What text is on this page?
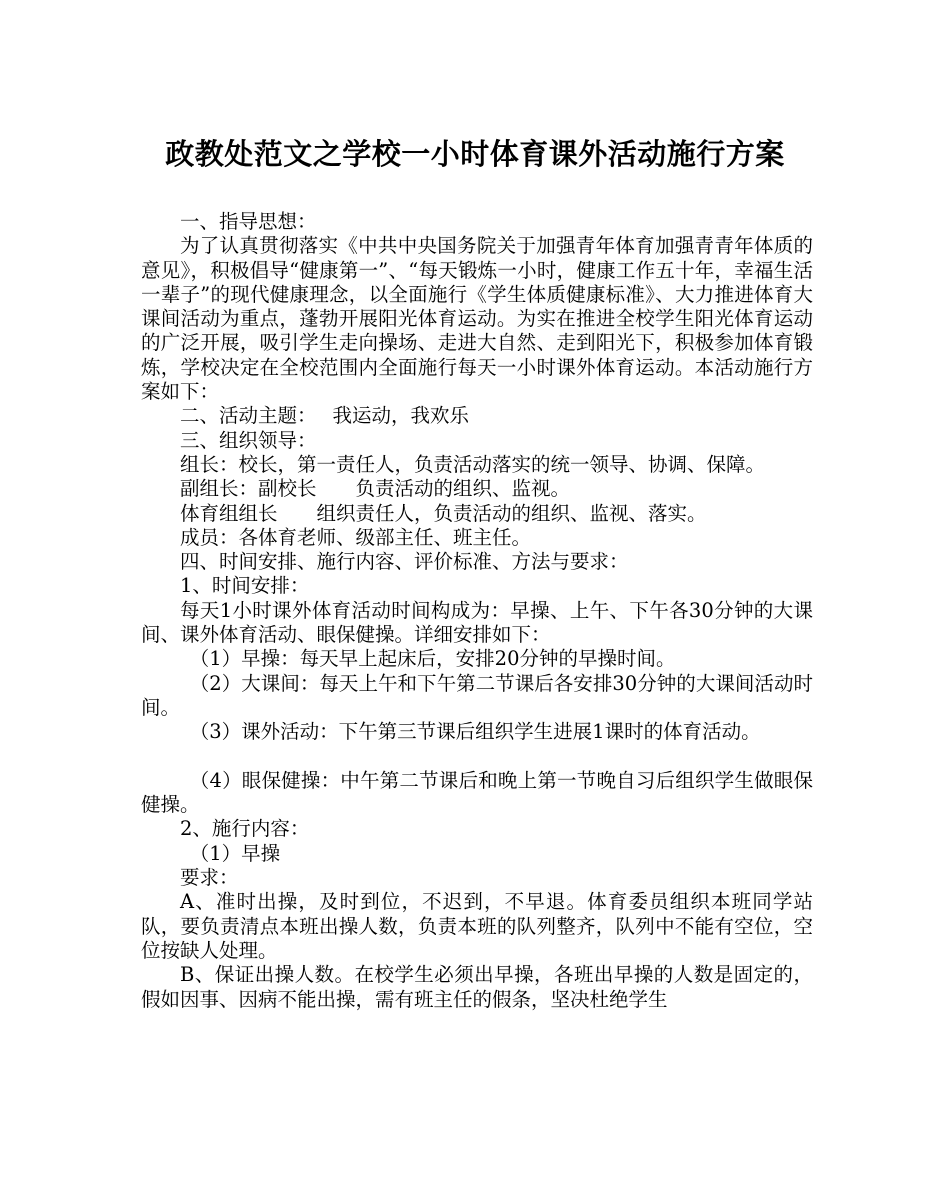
政教处范文之学校一小时体育课外活动施行方案

一、指导思想：

为了认真贯彻落实《中共中央国务院关于加强青年体育加强青青年体质的意见》，积极倡导“健康第一”、“每天锻炼一小时，健康工作五十年，幸福生活一辈子”的现代健康理念，以全面施行《学生体质健康标准》、大力推进体育大课间活动为重点，蓬勃开展阳光体育运动。为实在推进全校学生阳光体育运动的广泛开展，吸引学生走向操场、走进大自然、走到阳光下，积极参加体育锻炼，学校决定在全校范围内全面施行每天一小时课外体育运动。本活动施行方案如下：

二、活动主题：　 我运动，我欢乐

三、组织领导：

组长：校长，第一责任人，负责活动落实的统一领导、协调、保障。

副组长：副校长　　负责活动的组织、监视。

体育组组长　　组织责任人，负责活动的组织、监视、落实。

成员：各体育老师、级部主任、班主任。

四、时间安排、施行内容、评价标准、方法与要求：

1、时间安排：

每天1小时课外体育活动时间构成为：早操、上午、下午各30分钟的大课间、课外体育活动、眼保健操。详细安排如下：

（1）早操：每天早上起床后，安排20分钟的早操时间。

（2）大课间：每天上午和下午第二节课后各安排30分钟的大课间活动时间。

（3）课外活动：下午第三节课后组织学生进展1课时的体育活动。

（4）眼保健操：中午第二节课后和晚上第一节晚自习后组织学生做眼保健操。

2、施行内容：

（1）早操

要求：

A、准时出操，及时到位，不迟到，不早退。体育委员组织本班同学站队，要负责清点本班出操人数，负责本班的队列整齐，队列中不能有空位，空位按缺人处理。

B、保证出操人数。在校学生必须出早操，各班出早操的人数是固定的，假如因事、因病不能出操，需有班主任的假条，坚决杜绝学生
